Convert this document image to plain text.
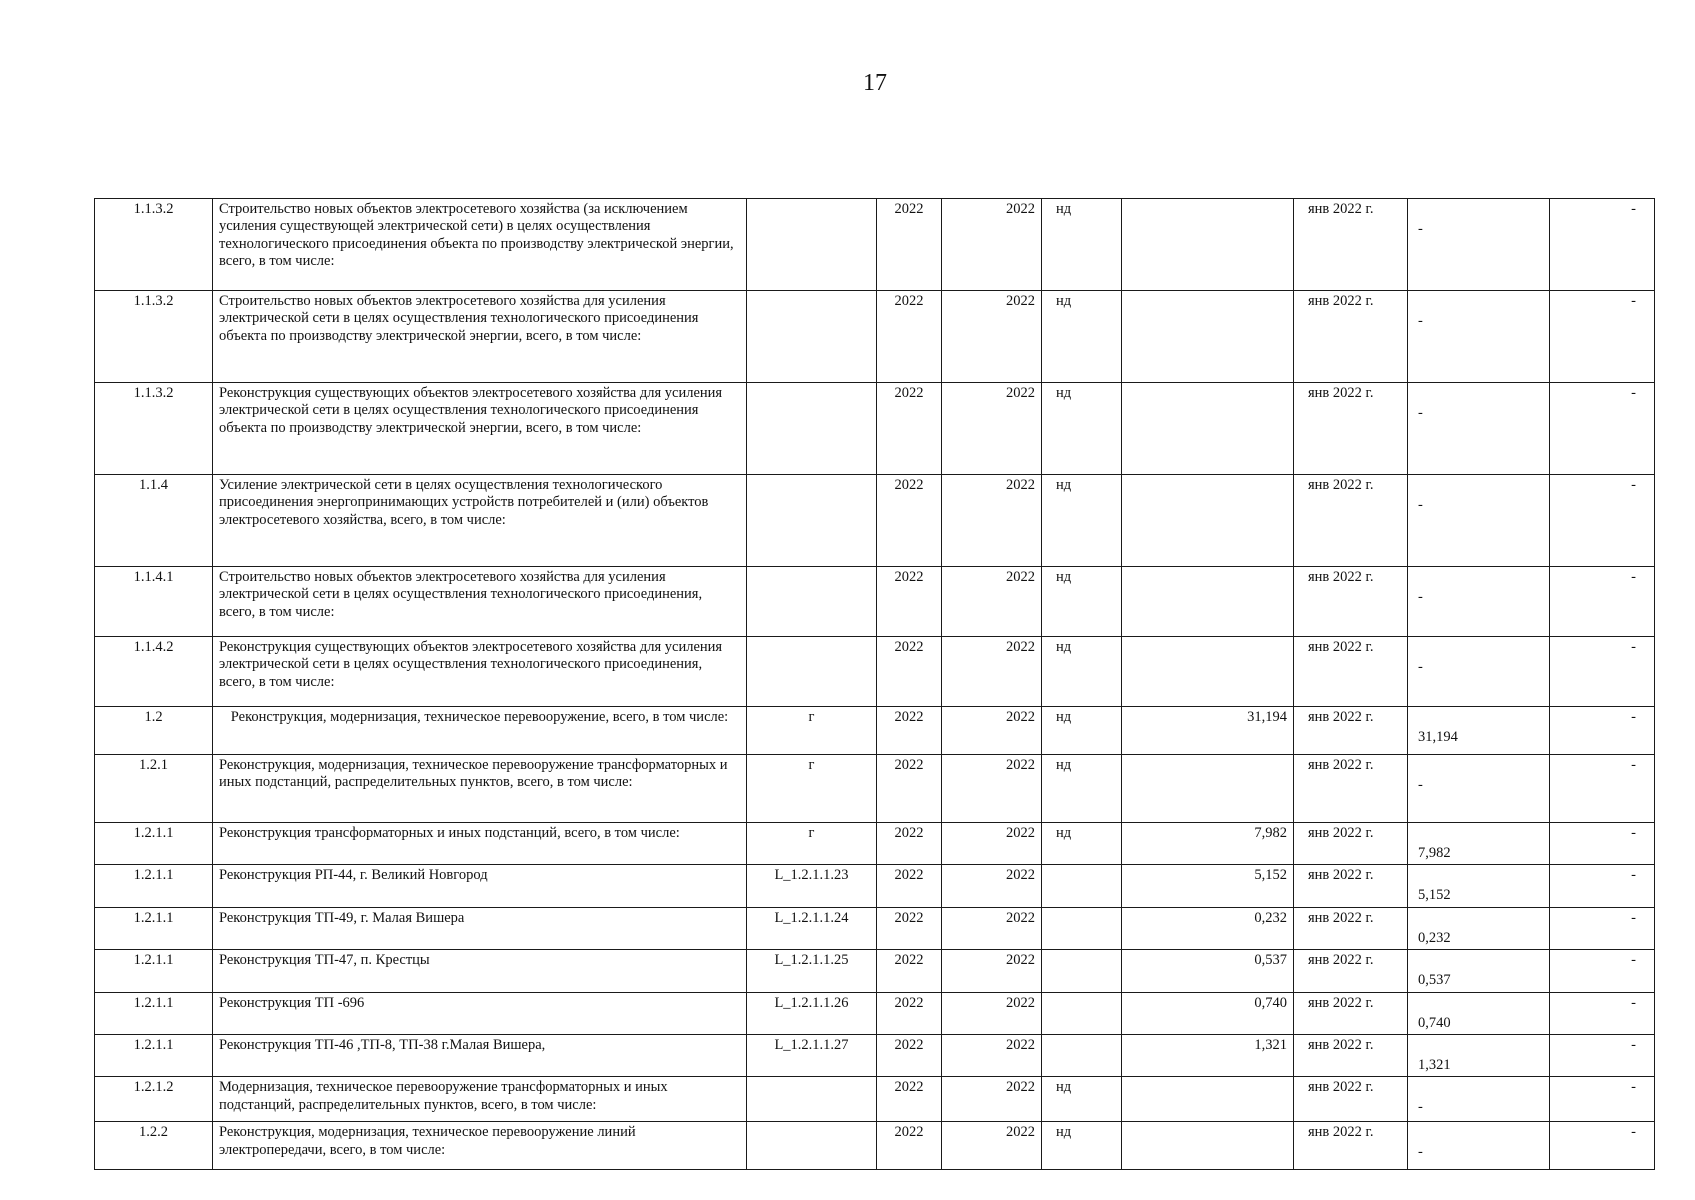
17
1.1.3.2	Строительство новых объектов электросетевого хозяйства (за исключением усиления существующей электрической сети) в целях осуществления технологического присоединения объекта по производству электрической энергии, всего, в том числе:		2022	2022	нд		янв 2022 г.	-	-
1.1.3.2	Строительство новых объектов электросетевого хозяйства для усиления электрической сети в целях осуществления технологического присоединения объекта по производству электрической энергии, всего, в том числе:		2022	2022	нд		янв 2022 г.	-	-
1.1.3.2	Реконструкция существующих объектов электросетевого хозяйства для усиления электрической сети в целях осуществления технологического присоединения объекта по производству электрической энергии, всего, в том числе:		2022	2022	нд		янв 2022 г.	-	-
1.1.4	Усиление электрической сети в целях осуществления технологического присоединения энергопринимающих устройств потребителей и (или) объектов электросетевого хозяйства, всего, в том числе:		2022	2022	нд		янв 2022 г.	-	-
1.1.4.1	Строительство новых объектов электросетевого хозяйства для усиления электрической сети в целях осуществления технологического присоединения, всего, в том числе:		2022	2022	нд		янв 2022 г.	-	-
1.1.4.2	Реконструкция существующих объектов электросетевого хозяйства для усиления электрической сети в целях осуществления технологического присоединения, всего, в том числе:		2022	2022	нд		янв 2022 г.	-	-
1.2	Реконструкция, модернизация, техническое перевооружение, всего, в том числе:	г	2022	2022	нд	31,194	янв 2022 г.	31,194	-
1.2.1	Реконструкция, модернизация, техническое перевооружение трансформаторных и иных подстанций, распределительных пунктов, всего, в том числе:	г	2022	2022	нд		янв 2022 г.	-	-
1.2.1.1	Реконструкция трансформаторных и иных подстанций, всего, в том числе:	г	2022	2022	нд	7,982	янв 2022 г.	7,982	-
1.2.1.1	Реконструкция РП-44, г. Великий Новгород	L_1.2.1.1.23	2022	2022		5,152	янв 2022 г.	5,152	-
1.2.1.1	Реконструкция ТП-49, г. Малая Вишера	L_1.2.1.1.24	2022	2022		0,232	янв 2022 г.	0,232	-
1.2.1.1	Реконструкция ТП-47, п. Крестцы	L_1.2.1.1.25	2022	2022		0,537	янв 2022 г.	0,537	-
1.2.1.1	Реконструкция ТП -696	L_1.2.1.1.26	2022	2022		0,740	янв 2022 г.	0,740	-
1.2.1.1	Реконструкция ТП-46 ,ТП-8, ТП-38 г.Малая Вишера,	L_1.2.1.1.27	2022	2022		1,321	янв 2022 г.	1,321	-
1.2.1.2	Модернизация, техническое перевооружение трансформаторных и иных подстанций, распределительных пунктов, всего, в том числе:		2022	2022	нд		янв 2022 г.	-	-
1.2.2	Реконструкция, модернизация, техническое перевооружение линий электропередачи, всего, в том числе:		2022	2022	нд		янв 2022 г.	-	-
